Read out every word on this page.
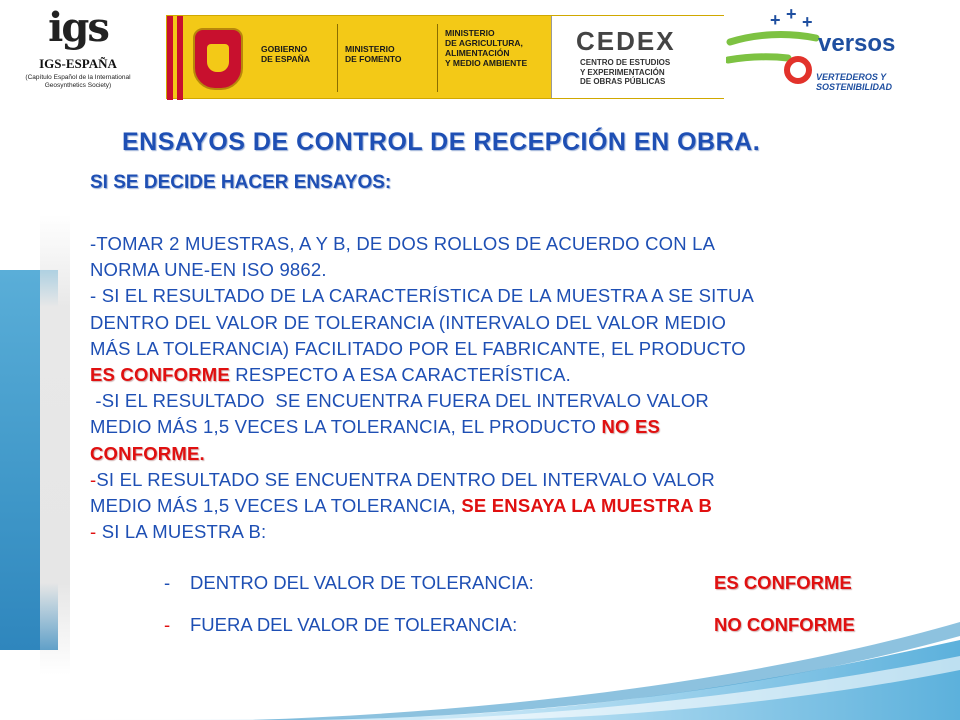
igs
IGS-ESPAÑA
(Capítulo Español de la International Geosynthetics Society)
GOBIERNO
DE ESPAÑA
MINISTERIO
DE FOMENTO
MINISTERIO
DE AGRICULTURA,
ALIMENTACIÓN
Y MEDIO AMBIENTE
CEDEX
CENTRO DE ESTUDIOS
Y EXPERIMENTACIÓN
DE OBRAS PÚBLICAS
+ + +
versos
VERTEDEROS Y SOSTENIBILIDAD
ENSAYOS DE CONTROL DE RECEPCIÓN EN OBRA.
SI SE DECIDE HACER ENSAYOS:
-TOMAR 2 MUESTRAS, A Y B, DE DOS ROLLOS DE ACUERDO CON LA
NORMA UNE-EN ISO 9862.
- SI EL RESULTADO DE LA CARACTERÍSTICA DE LA MUESTRA A SE SITUA
DENTRO DEL VALOR DE TOLERANCIA (INTERVALO DEL VALOR MEDIO
MÁS LA TOLERANCIA) FACILITADO POR EL FABRICANTE, EL PRODUCTO
ES CONFORME RESPECTO A ESA CARACTERÍSTICA.
-SI EL RESULTADO  SE ENCUENTRA FUERA DEL INTERVALO VALOR
MEDIO MÁS 1,5 VECES LA TOLERANCIA, EL PRODUCTO NO ES
CONFORME.
-SI EL RESULTADO SE ENCUENTRA DENTRO DEL INTERVALO VALOR
MEDIO MÁS 1,5 VECES LA TOLERANCIA, SE ENSAYA LA MUESTRA B
- SI LA MUESTRA B:
- DENTRO DEL VALOR DE TOLERANCIA:	ES CONFORME
- FUERA DEL VALOR DE TOLERANCIA:	NO CONFORME
